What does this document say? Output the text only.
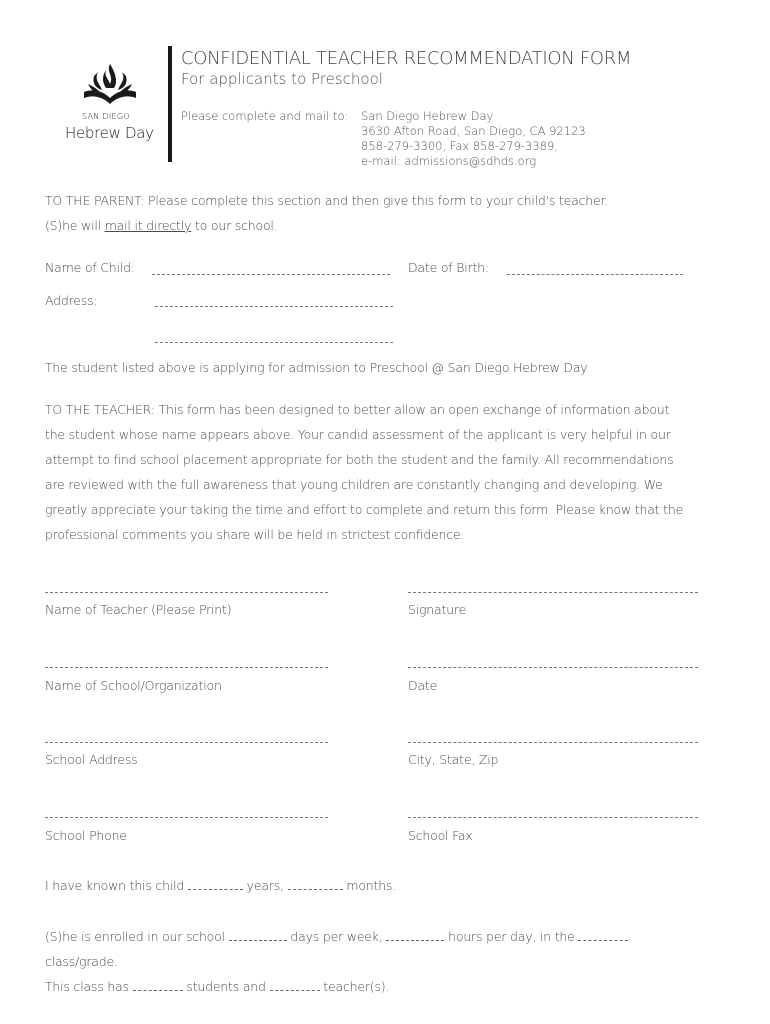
SAN DIEGO
Hebrew Day
CONFIDENTIAL TEACHER RECOMMENDATION FORM
For applicants to Preschool
Please complete and mail to: San Diego Hebrew Day
3630 Afton Road, San Diego, CA 92123
858-279-3300, Fax 858-279-3389,
e-mail: admissions@sdhds.org
TO THE PARENT: Please complete this section and then give this form to your child's teacher.
(S)he will mail it directly to our school.
Name of Child:	Date of Birth:
Address:
The student listed above is applying for admission to Preschool @ San Diego Hebrew Day
TO THE TEACHER: This form has been designed to better allow an open exchange of information about
the student whose name appears above. Your candid assessment of the applicant is very helpful in our
attempt to find school placement appropriate for both the student and the family. All recommendations
are reviewed with the full awareness that young children are constantly changing and developing. We
greatly appreciate your taking the time and effort to complete and return this form. Please know that the
professional comments you share will be held in strictest confidence.
Name of Teacher (Please Print)	Signature
Name of School/Organization	Date
School Address	City, State, Zip
School Phone	School Fax
I have known this child	years,	months.
(S)he is enrolled in our school	days per week,	hours per day, in the
class/grade.
This class has	students and	teacher(s).
